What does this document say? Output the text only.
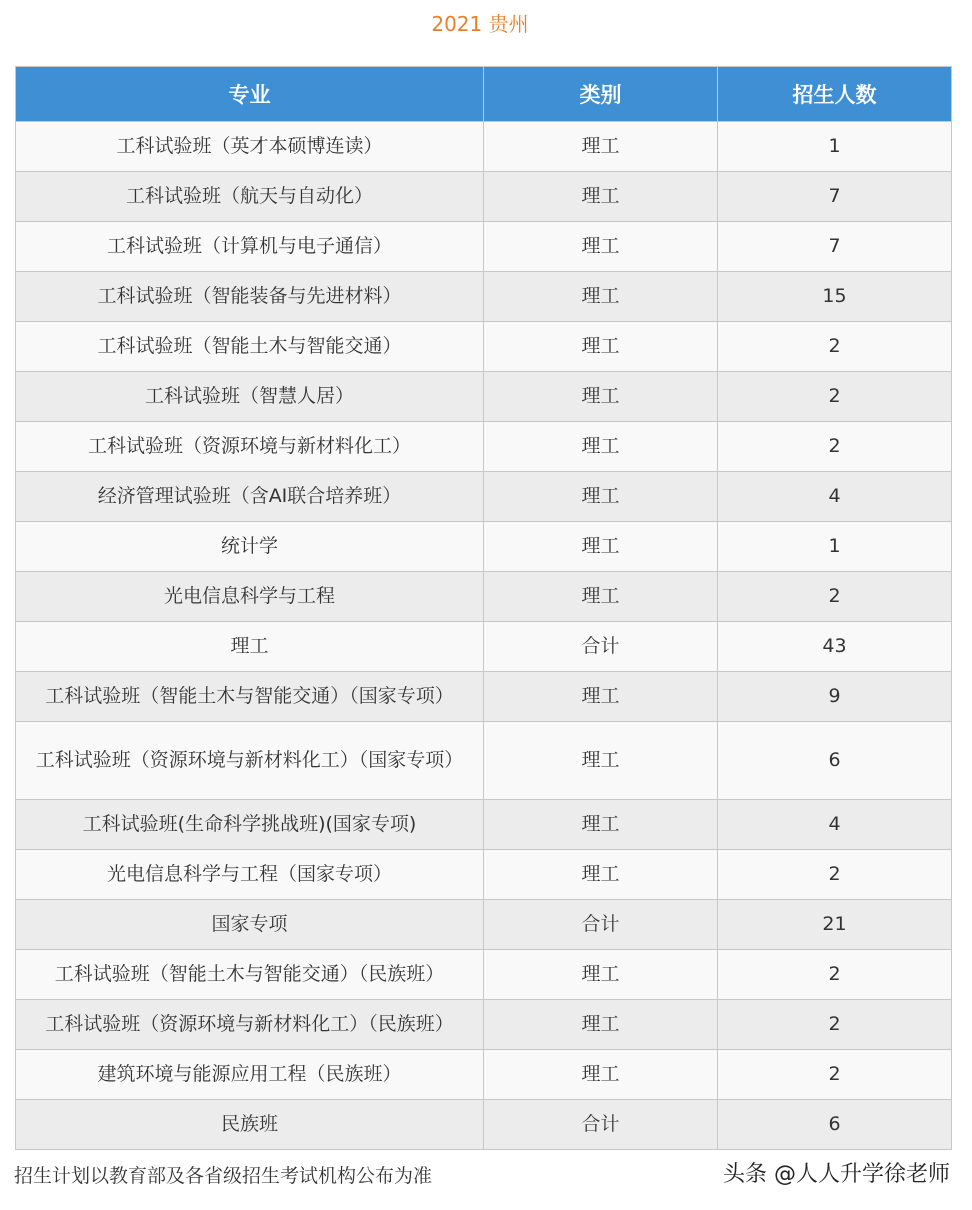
2021 贵州
专业	类别	招生人数
工科试验班（英才本硕博连读）	理工	1
工科试验班（航天与自动化）	理工	7
工科试验班（计算机与电子通信）	理工	7
工科试验班（智能装备与先进材料）	理工	15
工科试验班（智能土木与智能交通）	理工	2
工科试验班（智慧人居）	理工	2
工科试验班（资源环境与新材料化工）	理工	2
经济管理试验班（含AI联合培养班）	理工	4
统计学	理工	1
光电信息科学与工程	理工	2
理工	合计	43
工科试验班（智能土木与智能交通）（国家专项）	理工	9
工科试验班（资源环境与新材料化工）（国家专项）	理工	6
工科试验班(生命科学挑战班)(国家专项)	理工	4
光电信息科学与工程（国家专项）	理工	2
国家专项	合计	21
工科试验班（智能土木与智能交通）（民族班）	理工	2
工科试验班（资源环境与新材料化工）（民族班）	理工	2
建筑环境与能源应用工程（民族班）	理工	2
民族班	合计	6
招生计划以教育部及各省级招生考试机构公布为准	头条 @人人升学徐老师
